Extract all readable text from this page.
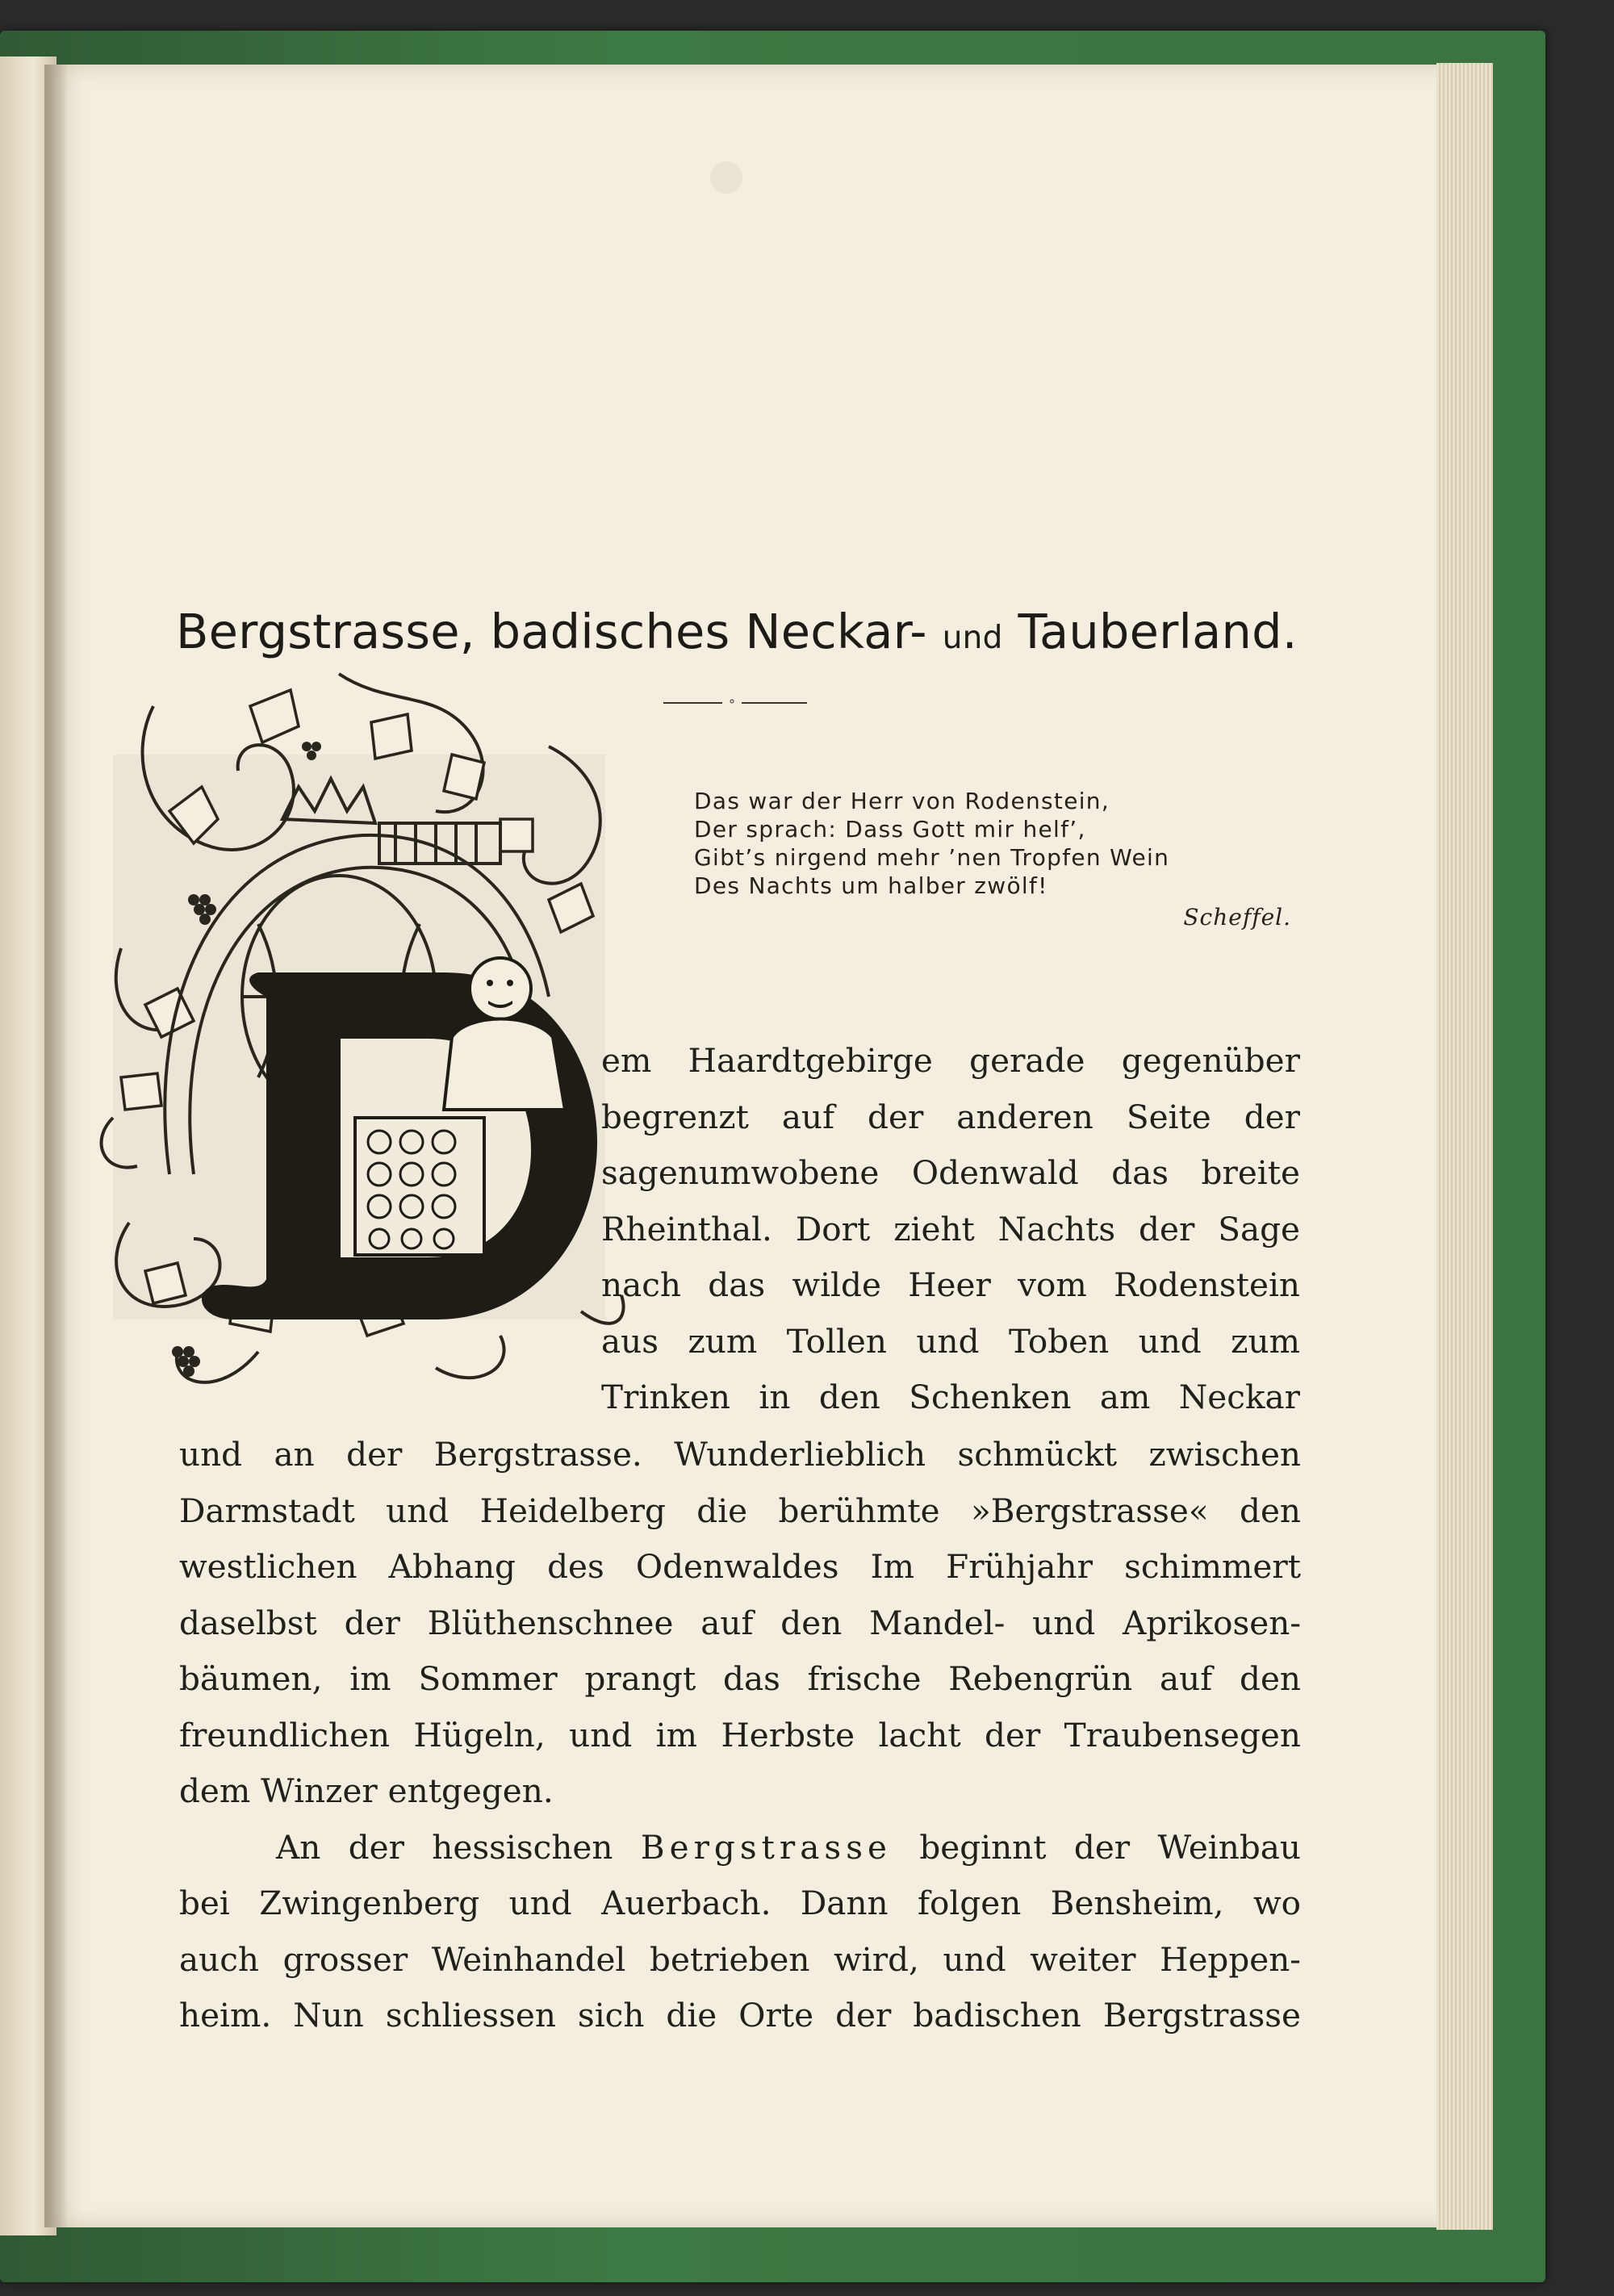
Bergstrasse, badisches Neckar- und Tauberland.
∘
Das war der Herr von Rodenstein,
Der sprach: Dass Gott mir helf’,
Gibt’s nirgend mehr ’nen Tropfen Wein
Des Nachts um halber zwölf!
Scheffel.
em Haardtgebirge gerade gegenüber
begrenzt auf der anderen Seite der
sagenumwobene Odenwald das breite
Rheinthal. Dort zieht Nachts der Sage
nach das wilde Heer vom Rodenstein
aus zum Tollen und Toben und zum
Trinken in den Schenken am Neckar
und an der Bergstrasse. Wunderlieblich schmückt zwischen
Darmstadt und Heidelberg die berühmte »Bergstrasse« den
westlichen Abhang des Odenwaldes Im Frühjahr schimmert
daselbst der Blüthenschnee auf den Mandel- und Aprikosen-
bäumen, im Sommer prangt das frische Rebengrün auf den
freundlichen Hügeln, und im Herbste lacht der Traubensegen
dem Winzer entgegen.
An der hessischen Bergstrasse beginnt der Weinbau
bei Zwingenberg und Auerbach. Dann folgen Bensheim, wo
auch grosser Weinhandel betrieben wird, und weiter Heppen-
heim. Nun schliessen sich die Orte der badischen Bergstrasse
